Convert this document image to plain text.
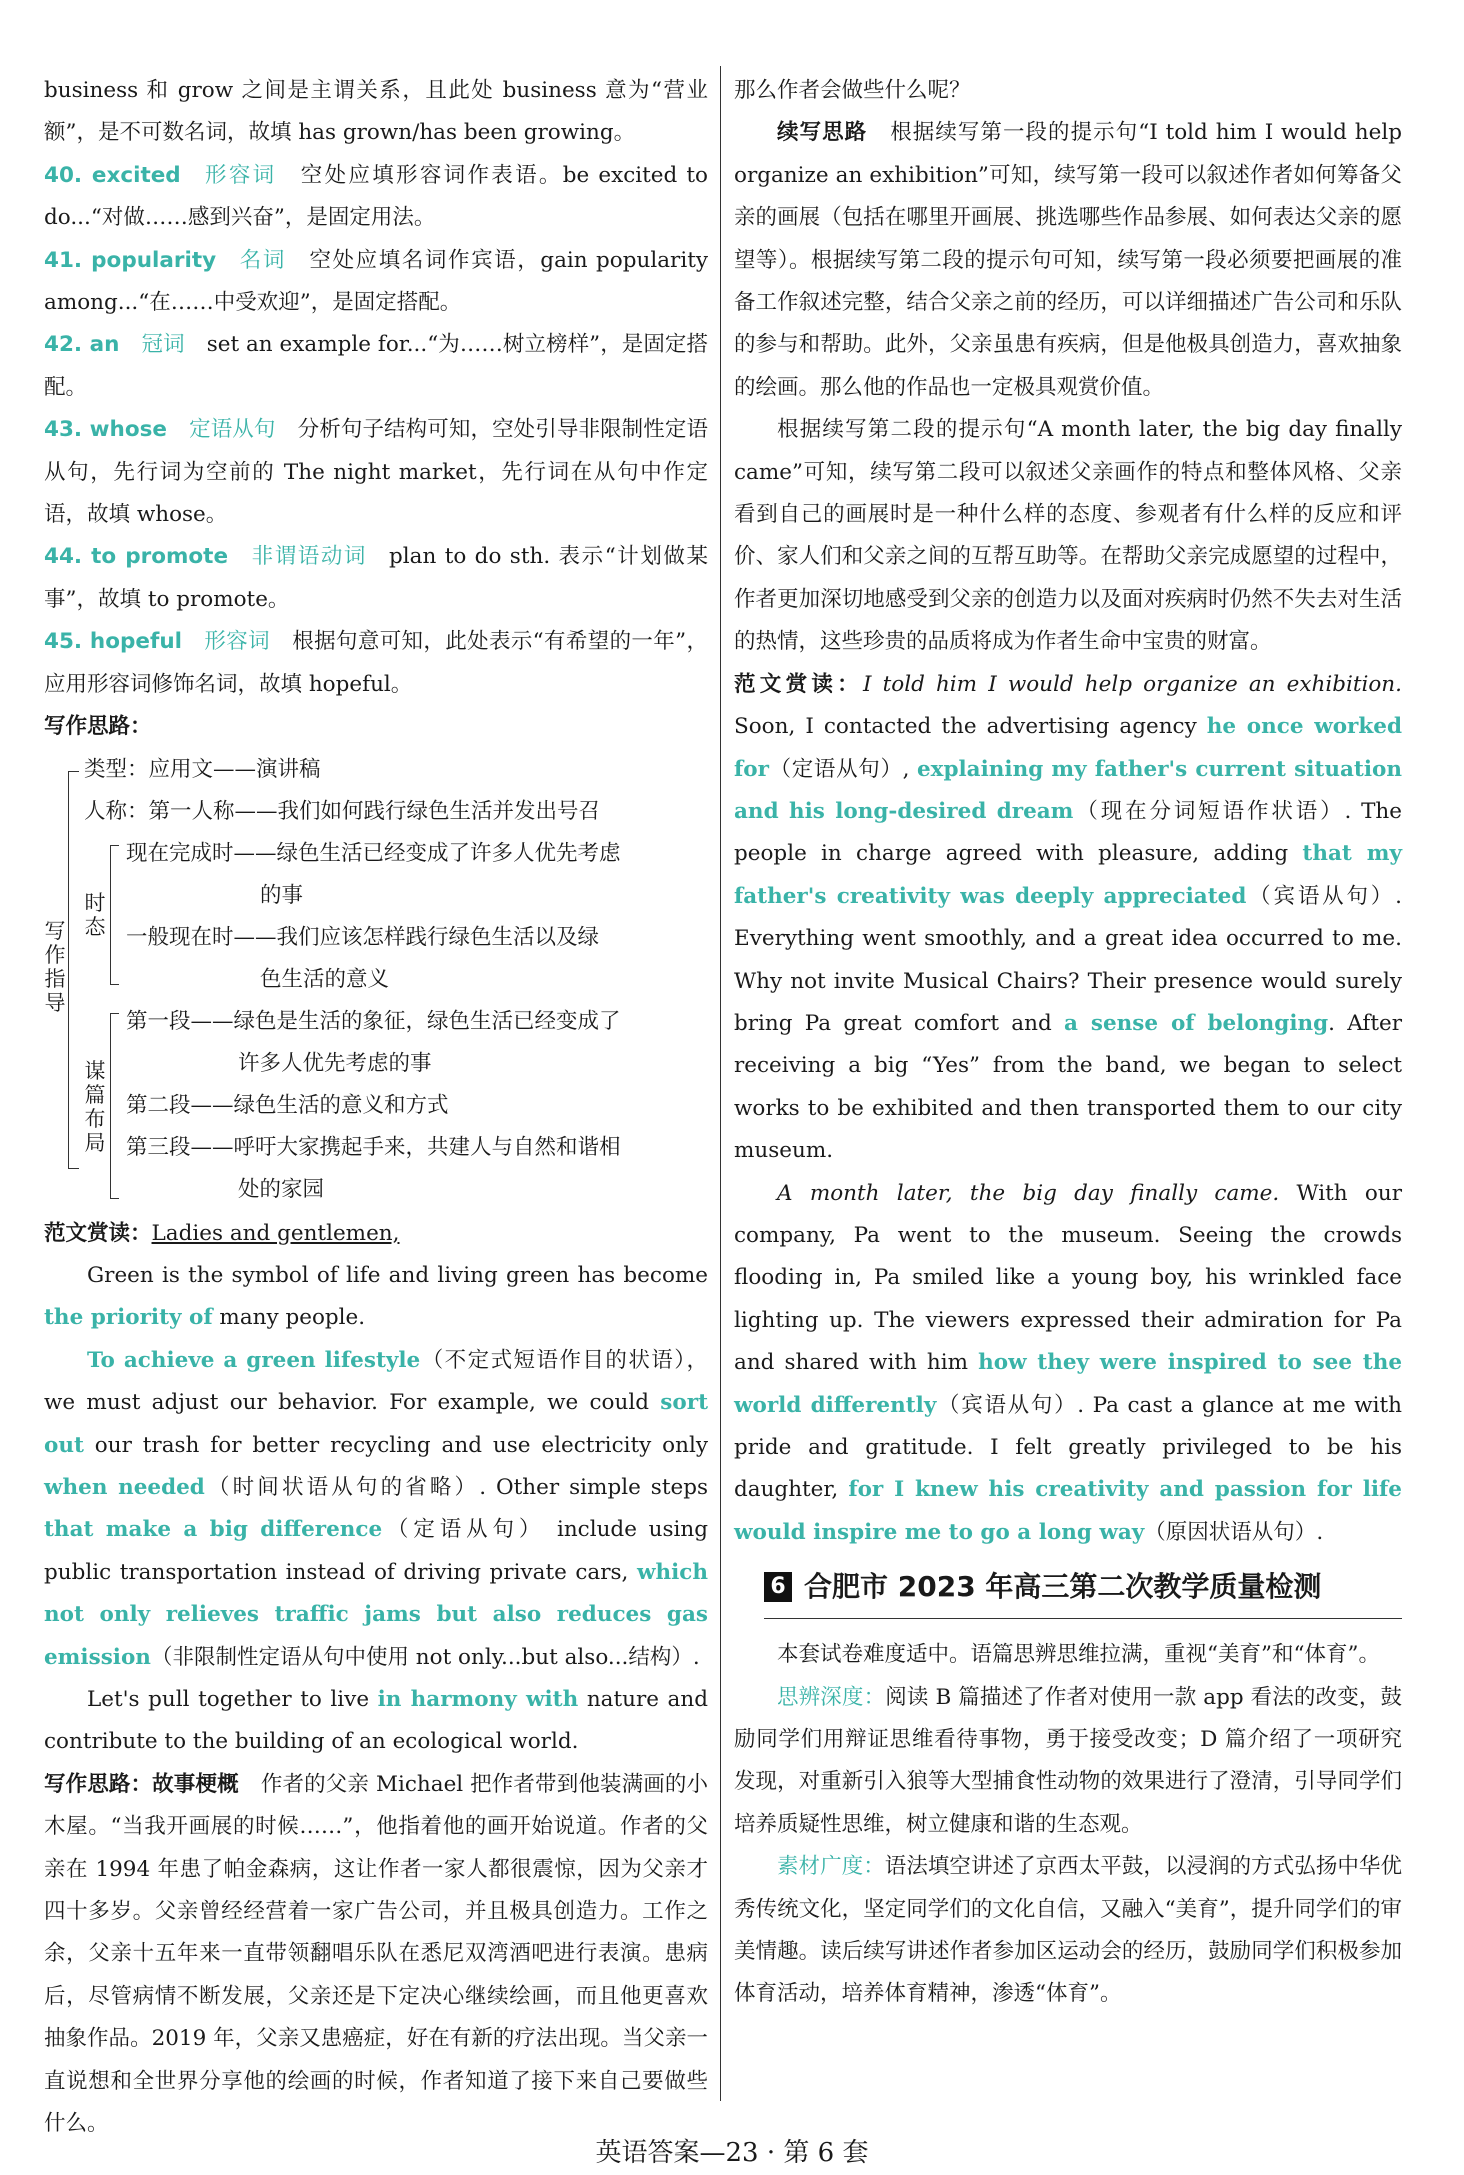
business 和 grow 之间是主谓关系，且此处 business 意为“营业额”，是不可数名词，故填 has grown/has been growing。

40. excited 形容词 空处应填形容词作表语。be excited to do...“对做……感到兴奋”，是固定用法。

41. popularity 名词 空处应填名词作宾语，gain popularity among...“在……中受欢迎”，是固定搭配。

42. an 冠词 set an example for...“为……树立榜样”，是固定搭配。

43. whose 定语从句 分析句子结构可知，空处引导非限制性定语从句，先行词为空前的 The night market，先行词在从句中作定语，故填 whose。

44. to promote 非谓语动词 plan to do sth. 表示“计划做某事”，故填 to promote。

45. hopeful 形容词 根据句意可知，此处表示“有希望的一年”，应用形容词修饰名词，故填 hopeful。

写作思路：

写
作
指
导
类型：应用文——演讲稿
人称：第一人称——我们如何践行绿色生活并发出号召
时
态
现在完成时——绿色生活已经变成了许多人优先考虑
的事
一般现在时——我们应该怎样践行绿色生活以及绿
色生活的意义
谋
篇
布
局
第一段——绿色是生活的象征，绿色生活已经变成了
许多人优先考虑的事
第二段——绿色生活的意义和方式
第三段——呼吁大家携起手来，共建人与自然和谐相
处的家园

范文赏读：Ladies and gentlemen,

Green is the symbol of life and living green has become the priority of many people.

To achieve a green lifestyle（不定式短语作目的状语），we must adjust our behavior. For example, we could sort out our trash for better recycling and use electricity only when needed（时间状语从句的省略）. Other simple steps that make a big difference（定语从句） include using public transportation instead of driving private cars, which not only relieves traffic jams but also reduces gas emission（非限制性定语从句中使用 not only...but also...结构）.

Let's pull together to live in harmony with nature and contribute to the building of an ecological world.

写作思路：故事梗概 作者的父亲 Michael 把作者带到他装满画的小木屋。“当我开画展的时候……”，他指着他的画开始说道。作者的父亲在 1994 年患了帕金森病，这让作者一家人都很震惊，因为父亲才四十多岁。父亲曾经经营着一家广告公司，并且极具创造力。工作之余，父亲十五年来一直带领翻唱乐队在悉尼双湾酒吧进行表演。患病后，尽管病情不断发展，父亲还是下定决心继续绘画，而且他更喜欢抽象作品。2019 年，父亲又患癌症，好在有新的疗法出现。当父亲一直说想和全世界分享他的绘画的时候，作者知道了接下来自己要做些什么。

那么作者会做些什么呢？

续写思路 根据续写第一段的提示句“I told him I would help organize an exhibition”可知，续写第一段可以叙述作者如何筹备父亲的画展（包括在哪里开画展、挑选哪些作品参展、如何表达父亲的愿望等）。根据续写第二段的提示句可知，续写第一段必须要把画展的准备工作叙述完整，结合父亲之前的经历，可以详细描述广告公司和乐队的参与和帮助。此外，父亲虽患有疾病，但是他极具创造力，喜欢抽象的绘画。那么他的作品也一定极具观赏价值。

根据续写第二段的提示句“A month later, the big day finally came”可知，续写第二段可以叙述父亲画作的特点和整体风格、父亲看到自己的画展时是一种什么样的态度、参观者有什么样的反应和评价、家人们和父亲之间的互帮互助等。在帮助父亲完成愿望的过程中，作者更加深切地感受到父亲的创造力以及面对疾病时仍然不失去对生活的热情，这些珍贵的品质将成为作者生命中宝贵的财富。

范文赏读：I told him I would help organize an exhibition. Soon, I contacted the advertising agency he once worked for（定语从句）, explaining my father's current situation and his long-desired dream（现在分词短语作状语）. The people in charge agreed with pleasure, adding that my father's creativity was deeply appreciated（宾语从句）. Everything went smoothly, and a great idea occurred to me. Why not invite Musical Chairs? Their presence would surely bring Pa great comfort and a sense of belonging. After receiving a big “Yes” from the band, we began to select works to be exhibited and then transported them to our city museum.

A month later, the big day finally came. With our company, Pa went to the museum. Seeing the crowds flooding in, Pa smiled like a young boy, his wrinkled face lighting up. The viewers expressed their admiration for Pa and shared with him how they were inspired to see the world differently（宾语从句）. Pa cast a glance at me with pride and gratitude. I felt greatly privileged to be his daughter, for I knew his creativity and passion for life would inspire me to go a long way（原因状语从句）.

6 合肥市 2023 年高三第二次教学质量检测

本套试卷难度适中。语篇思辨思维拉满，重视“美育”和“体育”。

思辨深度：阅读 B 篇描述了作者对使用一款 app 看法的改变，鼓励同学们用辩证思维看待事物，勇于接受改变；D 篇介绍了一项研究发现，对重新引入狼等大型捕食性动物的效果进行了澄清，引导同学们培养质疑性思维，树立健康和谐的生态观。

素材广度：语法填空讲述了京西太平鼓，以浸润的方式弘扬中华优秀传统文化，坚定同学们的文化自信，又融入“美育”，提升同学们的审美情趣。读后续写讲述作者参加区运动会的经历，鼓励同学们积极参加体育活动，培养体育精神，渗透“体育”。

英语答案—23 · 第 6 套
